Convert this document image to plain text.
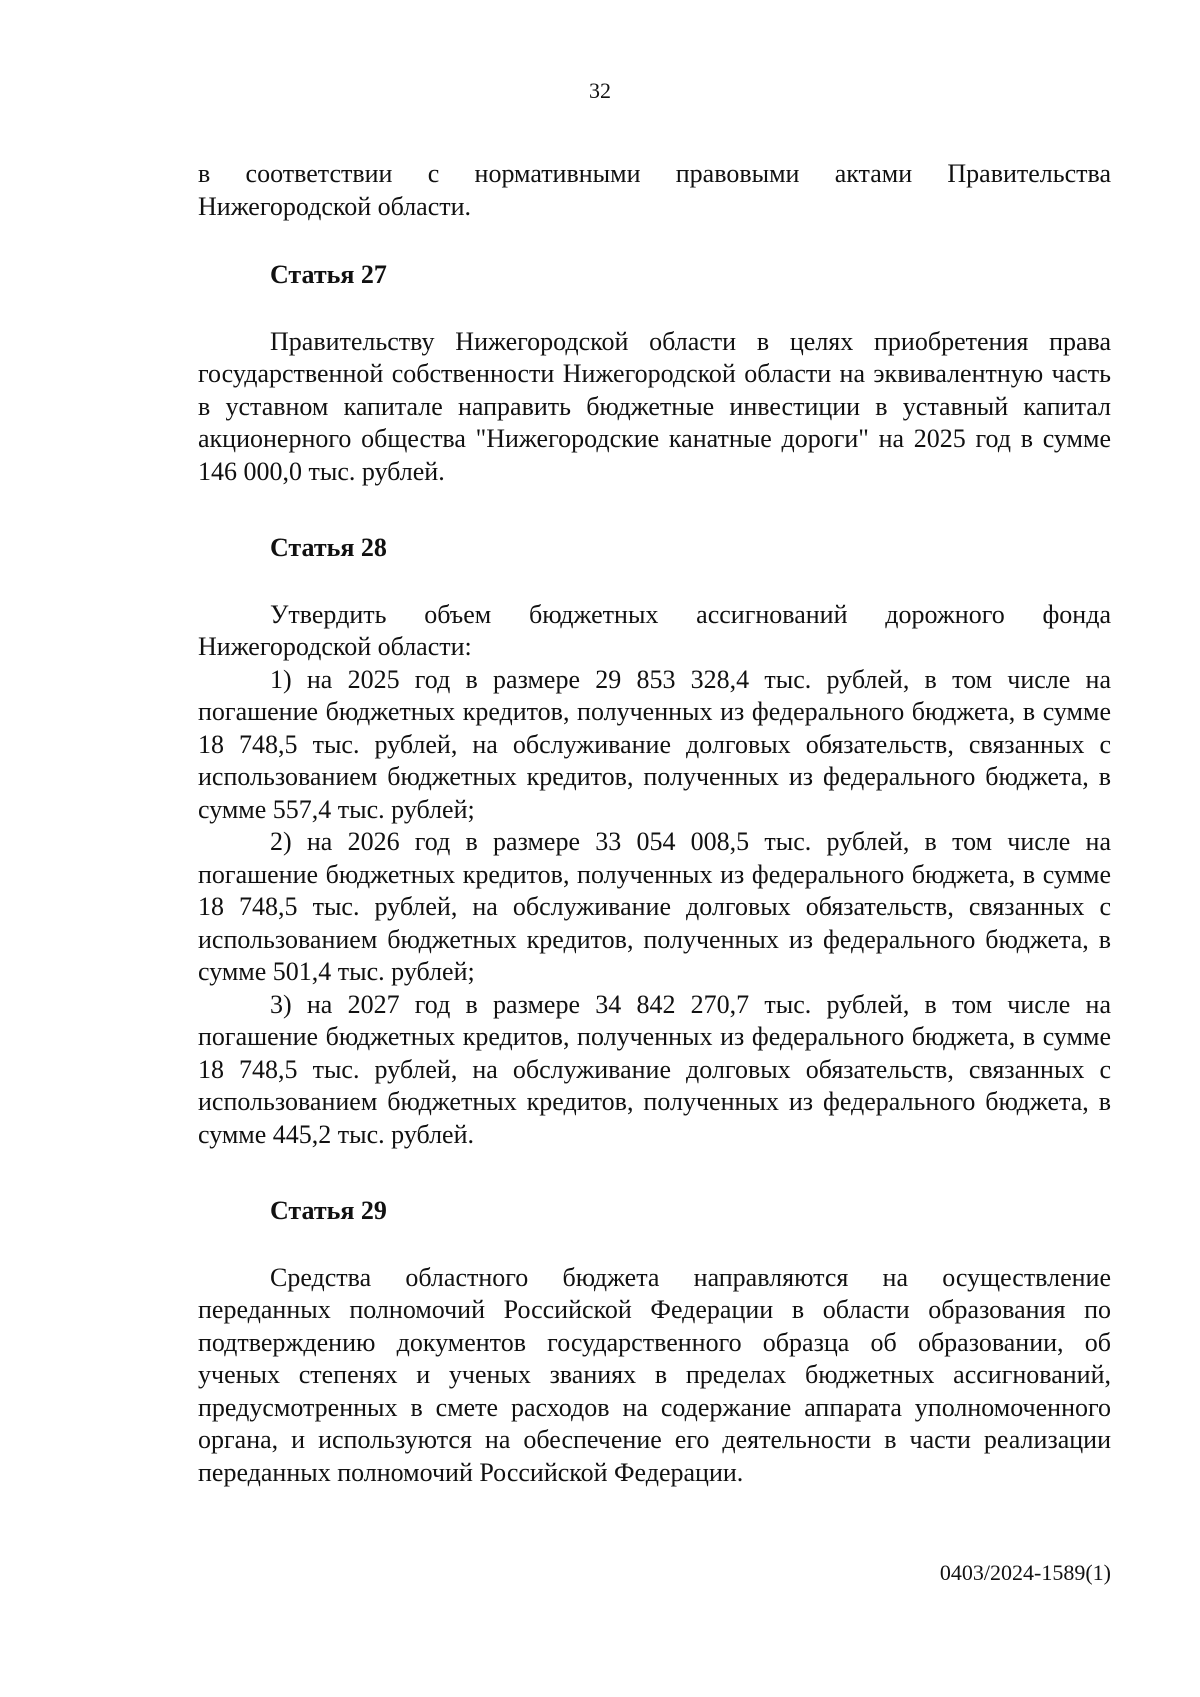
32

в соответствии с нормативными правовыми актами Правительства Нижегородской области.

Статья 27

Правительству Нижегородской области в целях приобретения права государственной собственности Нижегородской области на эквивалентную часть в уставном капитале направить бюджетные инвестиции в уставный капитал акционерного общества "Нижегородские канатные дороги" на 2025 год в сумме 146 000,0 тыс. рублей.

Статья 28

Утвердить объем бюджетных ассигнований дорожного фонда Нижегородской области:

1) на 2025 год в размере 29 853 328,4 тыс. рублей, в том числе на погашение бюджетных кредитов, полученных из федерального бюджета, в сумме 18 748,5 тыс. рублей, на обслуживание долговых обязательств, связанных с использованием бюджетных кредитов, полученных из федерального бюджета, в сумме 557,4 тыс. рублей;

2) на 2026 год в размере 33 054 008,5 тыс. рублей, в том числе на погашение бюджетных кредитов, полученных из федерального бюджета, в сумме 18 748,5 тыс. рублей, на обслуживание долговых обязательств, связанных с использованием бюджетных кредитов, полученных из федерального бюджета, в сумме 501,4 тыс. рублей;

3) на 2027 год в размере 34 842 270,7 тыс. рублей, в том числе на погашение бюджетных кредитов, полученных из федерального бюджета, в сумме 18 748,5 тыс. рублей, на обслуживание долговых обязательств, связанных с использованием бюджетных кредитов, полученных из федерального бюджета, в сумме 445,2 тыс. рублей.

Статья 29

Средства областного бюджета направляются на осуществление переданных полномочий Российской Федерации в области образования по подтверждению документов государственного образца об образовании, об ученых степенях и ученых званиях в пределах бюджетных ассигнований, предусмотренных в смете расходов на содержание аппарата уполномоченного органа, и используются на обеспечение его деятельности в части реализации переданных полномочий Российской Федерации.

0403/2024-1589(1)
